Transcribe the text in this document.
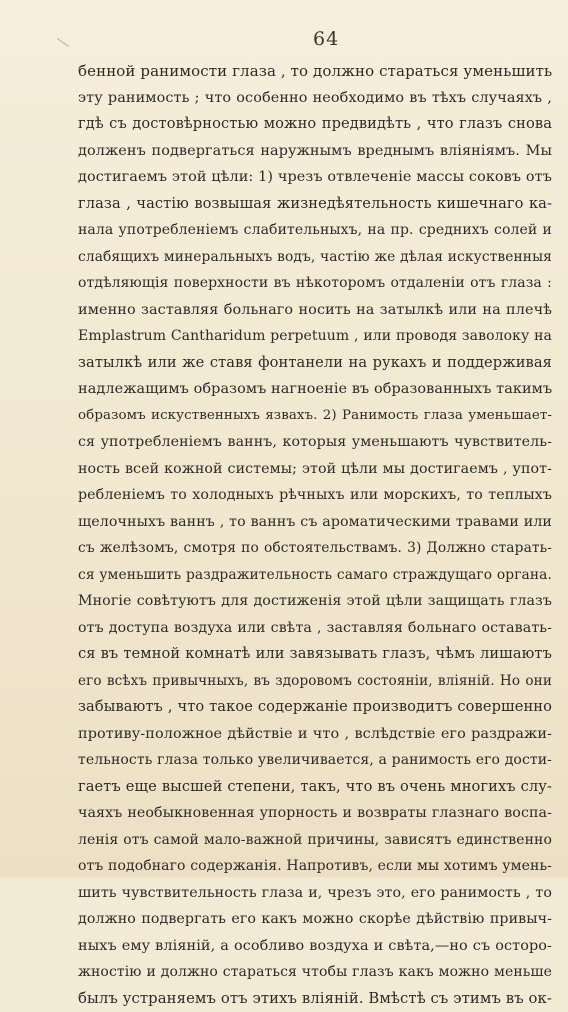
64
бенной ранимости глаза , то должно стараться уменьшить
эту ранимость ; что особенно необходимо въ тѣхъ случаяхъ ,
гдѣ съ достовѣрностью можно предвидѣть , что глазъ снова
долженъ подвергаться наружнымъ вреднымъ вліяніямъ. Мы
достигаемъ этой цѣли: 1) чрезъ отвлеченіе массы соковъ отъ
глаза , частію возвышая жизнедѣятельность кишечнаго ка-
нала употребленіемъ слабительныхъ, на пр. среднихъ солей и
слабящихъ минеральныхъ водъ, частію же дѣлая искуственныя
отдѣляющія поверхности въ нѣкоторомъ отдаленіи отъ глаза :
именно заставляя больнаго носить на затылкѣ или на плечѣ
Emplastrum Cantharidum perpetuum , или проводя заволоку на
затылкѣ или же ставя фонтанели на рукахъ и поддерживая
надлежащимъ образомъ нагноеніе въ образованныхъ такимъ
образомъ искуственныхъ язвахъ. 2) Ранимость глаза уменьшает-
ся употребленіемъ ваннъ, которыя уменьшаютъ чувствитель-
ность всей кожной системы; этой цѣли мы достигаемъ , упот-
ребленіемъ то холодныхъ рѣчныхъ или морскихъ, то теплыхъ
щелочныхъ ваннъ , то ваннъ съ ароматическими травами или
съ желѣзомъ, смотря по обстоятельствамъ. 3) Должно старать-
ся уменьшить раздражительность самаго страждущаго органа.
Многіе совѣтуютъ для достиженія этой цѣли защищать глазъ
отъ доступа воздуха или свѣта , заставляя больнаго оставать-
ся въ темной комнатѣ или завязывать глазъ, чѣмъ лишаютъ
его всѣхъ привычныхъ, въ здоровомъ состояніи, вліяній. Но они
забываютъ , что такое содержаніе производитъ совершенно
противу-положное дѣйствіе и что , вслѣдствіе его раздражи-
тельность глаза только увеличивается, а ранимость его дости-
гаетъ еще высшей степени, такъ, что въ очень многихъ слу-
чаяхъ необыкновенная упорность и возвраты глазнаго воспа-
ленія отъ самой мало-важной причины, зависятъ единственно
отъ подобнаго содержанія. Напротивъ, если мы хотимъ умень-
шить чувствительность глаза и, чрезъ это, его ранимость , то
должно подвергать его какъ можно скорѣе дѣйствію привыч-
ныхъ ему вліяній, а особливо воздуха и свѣта,—но съ осторо-
жностію и должно стараться чтобы глазъ какъ можно меньше
былъ устраняемъ отъ этихъ вліяній. Вмѣстѣ съ этимъ въ ок-
